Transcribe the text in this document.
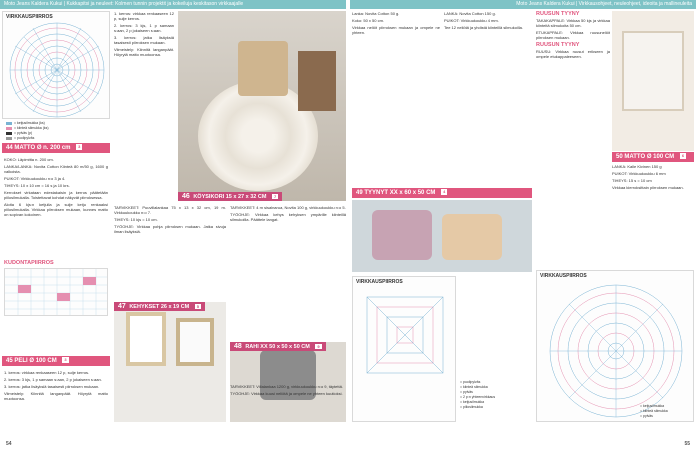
Moto Jeans Kaldera Kukui | Kukkapitsi ja neuleet: Kolmen tunnin projektit ja kokeiluja keskitason virkkaajalle	Moto Jeans Kaldera Kukui | Virkkausohjeet, neuleohjeet, ideoita ja mallineuleita
VIRKKAUSPIIRROS
= ketjusilmukka (ks)
= kiinteä silmukka (ks)
= pylväs (p)
= puolipylväs
44 MATTO Ø n. 200 cm 3

KOKO: Läpimitta n. 200 cm.

LANKA/LANKA: Novita Cotton Kiinteä 80 m/50 g, 1600 g valkoista.

PUIKOT: Virkkuukoukku n:o 3 ja 4.

TIHEYS: 10 x 10 cm = 16 s ja 10 krs.

Kerrokset virkataan edestakaisin ja kerros päätetään piilosilmukalla. Toistettavat kohdat näkyvät piirroksessa.

Aloita 6 kjs:n ketjulla ja sulje ketju renkaaksi piilosilmukalla. Virkkaa piirroksen mukaan, kunnes matto on sopivan kokoinen.

KUDONTAPIIRROS
45 PELI Ø 100 CM 3

1. kerros: virkkaa renkaaseen 12 p, sulje kerros.

2. kerros: 3 kjs, 1 p samaan s:aan, 2 p jokaiseen s:aan.

3. kerros: jatka lisäyksiä tasaisesti piirroksen mukaan.

Viimeistely: Kiinnitä langanpäät. Höyrytä matto muotoonsa.

1. kerros: virkkaa renkaaseen 12 p, sulje kerros.

2. kerros: 3 kjs, 1 p samaan s:aan, 2 p jokaiseen s:aan.

3. kerros: jatka lisäyksiä tasaisesti piirroksen mukaan.

Viimeistely: Kiinnitä langanpäät. Höyrytä matto muotoonsa.

46 KÖYSIKORI 15 x 27 x 32 CM 7

TARVIKKEET: Puuvillalankaa 75 x 13 x 32 cm, 19 m. Virkkuukoukku n:o 7.

TIHEYS: 10 kjs = 10 cm.

TYÖOHJE: Virkkaa pohja piirroksen mukaan. Jatka sivuja ilman lisäyksiä.

47 KEHYKSET 26 x 19 CM 5

TARVIKKEET: 4 m sisalnarua, Novita 100 g, virkkuukoukku n:o 5.

TYÖOHJE: Virkkaa kehys kehyksen ympärille kiinteillä silmukoilla. Päättele langat.

48 RAHI XX 50 x 50 x 50 CM 9

TARVIKKEET: Villalankaa 1200 g, virkkuukoukku n:o 9, täytettä.

TYÖOHJE: Virkkaa kuusi neliötä ja ompele ne yhteen kuutioksi.

54

Lanka: Novita Cotton 50 g.

Koko: 50 x 50 cm.

Virkkaa neliöt piirroksen mukaan ja ompele ne yhteen.

LANKA: Novita Cotton 150 g.

PUIKOT: Virkkuukoukku 4 mm.

Tee 12 neliötä ja yhdistä kiinteillä silmukoilla.

49 TYYNYT XX x 60 x 50 CM 4
RUUSUN TYYNY

TAKAKAPPALE: Virkkaa 50 kjs ja virkkaa kiinteitä silmukoita 50 cm.

ETUKAPPALE: Virkkaa ruusuneliöt piirroksen mukaan.

RUUSUN TYYNY

RUUSU: Virkkaa ruusut erikseen ja ompele etukappaleeseen.

50 MATTO Ø 100 CM 6

LANKA: Kalle Kivinen 150 g

PUIKOT: Virkkuukoukku 6 mm

TIHEYS: 15 s = 10 cm

Virkkaa kierroksittain piirroksen mukaan.

VIRKKAUSPIIRROS
= puolipylväs
= kiinteä silmukka
= pylväs
= 2 p:n yhteenvirkkaus
= ketjusilmukka
= piilosilmukka
VIRKKAUSPIIRROS
= ketjusilmukka
= kiinteä silmukka
= pylväs
55
